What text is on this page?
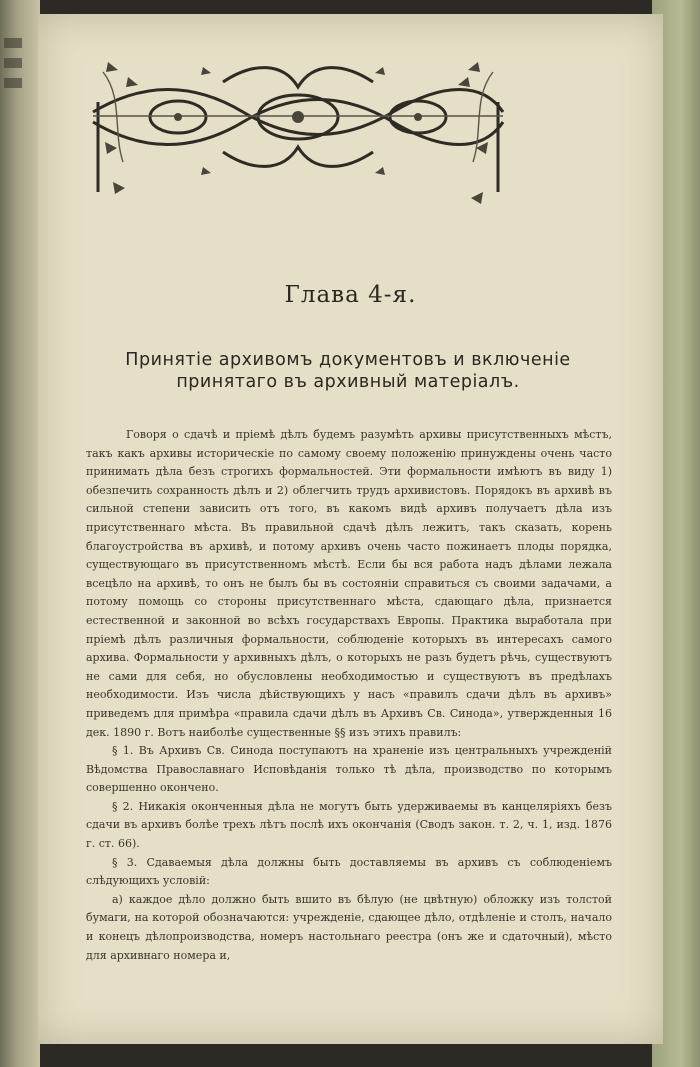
Глава 4-я.
Принятіе архивомъ документовъ и включеніе
принятаго въ архивный матеріалъ.

Говоря о сдачѣ и пріемѣ дѣлъ будемъ разумѣть архивы присутственныхъ мѣстъ, такъ какъ архивы историческіе по самому своему положенію принуждены очень часто принимать дѣла безъ строгихъ формальностей. Эти формальности имѣютъ въ виду 1) обезпечить сохранность дѣлъ и 2) облегчить трудъ архивистовъ. Порядокъ въ архивѣ въ сильной степени зависить отъ того, въ какомъ видѣ архивъ получаетъ дѣла изъ присутственнаго мѣста. Въ правильной сдачѣ дѣлъ лежитъ, такъ сказать, корень благоустройства въ архивѣ, и потому архивъ очень часто пожинаетъ плоды порядка, существующаго въ присутственномъ мѣстѣ. Если бы вся работа надъ дѣлами лежала всецѣло на архивѣ, то онъ не былъ бы въ состояніи справиться съ своими задачами, а потому помощь со стороны присутственнаго мѣста, сдающаго дѣла, признается естественной и законной во всѣхъ государствахъ Европы. Практика выработала при пріемѣ дѣлъ различныя формальности, соблюденіе которыхъ въ интересахъ самого архива. Формальности у архивныхъ дѣлъ, о которыхъ не разъ будетъ рѣчь, существуютъ не сами для себя, но обусловлены необходимостью и существуютъ въ предѣлахъ необходимости. Изъ числа дѣйствующихъ у насъ «правилъ сдачи дѣлъ въ архивъ» приведемъ для примѣра «правила сдачи дѣлъ въ Архивъ Св. Синода», утвержденныя 16 дек. 1890 г. Вотъ наиболѣе существенные §§ изъ этихъ правилъ:

§ 1. Въ Архивъ Св. Синода поступаютъ на храненіе изъ центральныхъ учрежденій Вѣдомства Православнаго Исповѣданія только тѣ дѣла, производство по которымъ совершенно окончено.

§ 2. Никакія оконченныя дѣла не могутъ быть удерживаемы въ канцеляріяхъ безъ сдачи въ архивъ болѣе трехъ лѣтъ послѣ ихъ окончанія (Сводъ закон. т. 2, ч. 1, изд. 1876 г. ст. 66).

§ 3. Сдаваемыя дѣла должны быть доставляемы въ архивъ съ соблюденіемъ слѣдующихъ условій:

а) каждое дѣло должно быть вшито въ бѣлую (не цвѣтную) обложку изъ толстой бумаги, на которой обозначаются: учрежденіе, сдающее дѣло, отдѣленіе и столъ, начало и конецъ дѣлопроизводства, номеръ настольнаго реестра (онъ же и сдаточный), мѣсто для архивнаго номера и,
